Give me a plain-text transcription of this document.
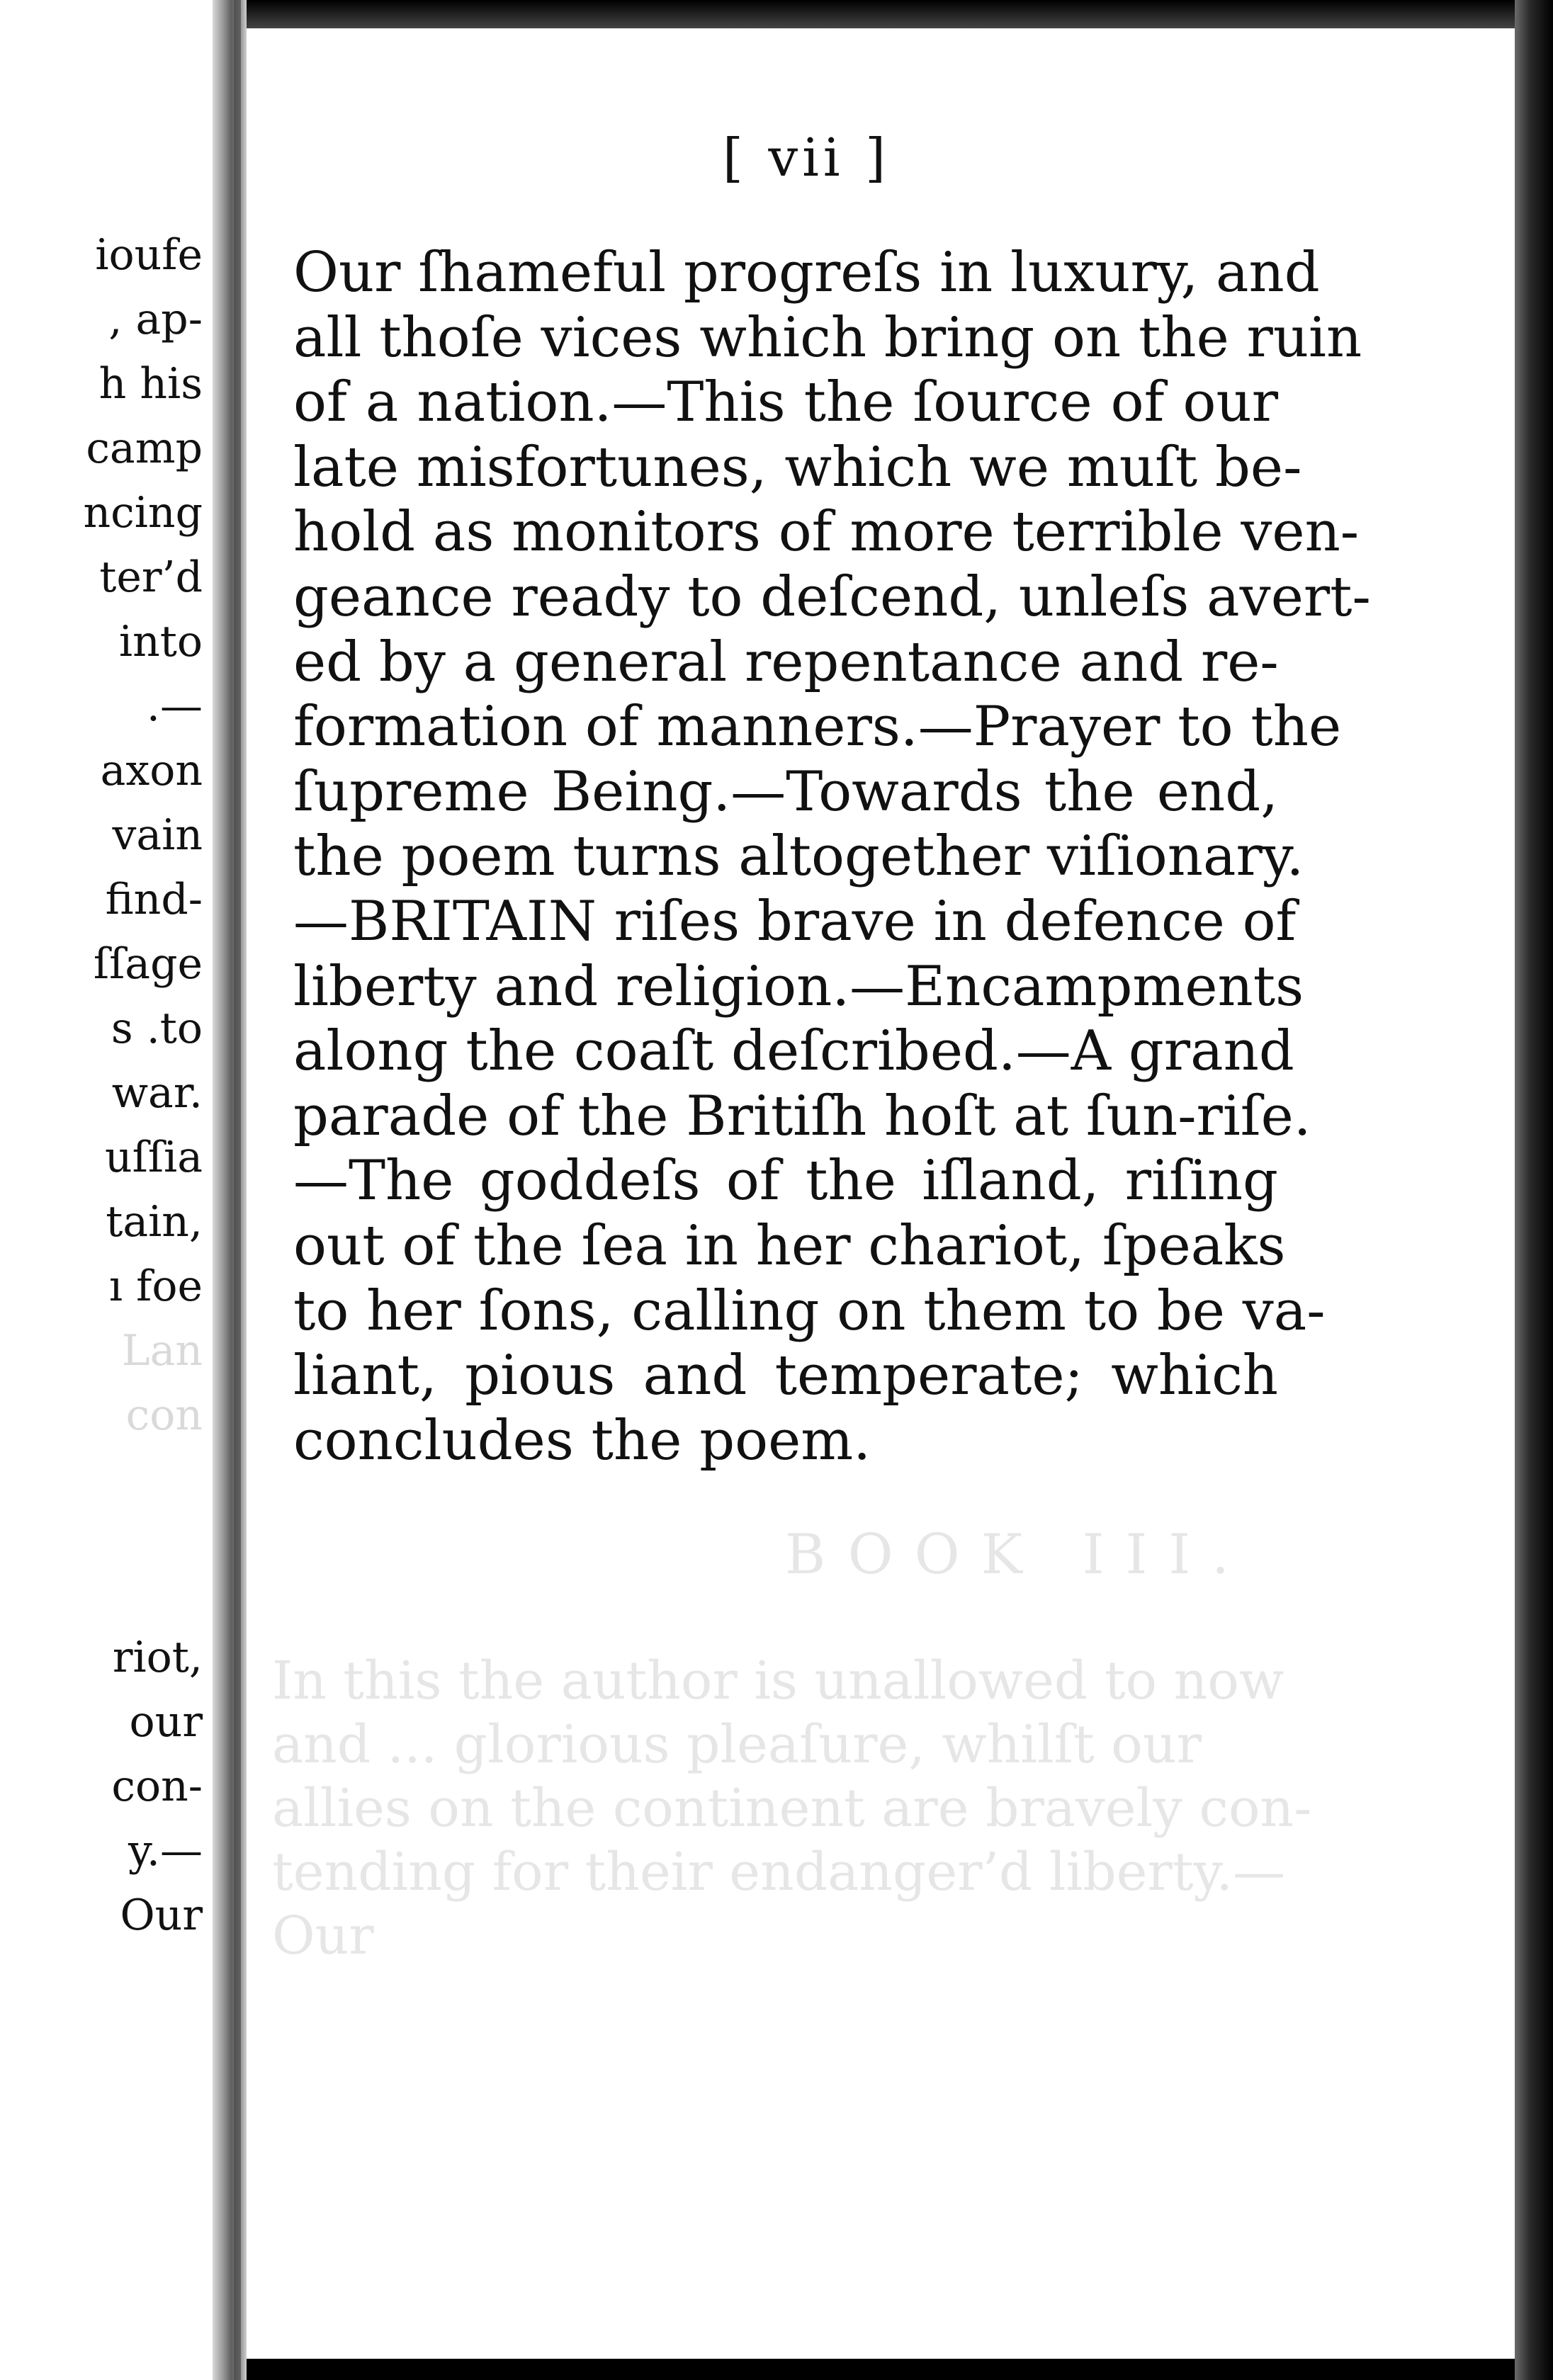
ioufe
, ap-
h his
camp
ncing
ter’d
into
.—
axon
vain
find-
ſſage
s .to
war.
uſſia
tain,
ı foe
Lan
con
riot,
our
con-
y.—
Our
[ vii ]
Our ſhameful progreſs in luxury, and
all thoſe vices which bring on the ruin
of a nation.—This the ſource of our
late misfortunes, which we muſt be-
hold as monitors of more terrible ven-
geance ready to deſcend, unleſs avert-
ed by a general repentance and re-
formation of manners.—Prayer to the
ſupreme Being.—Towards the end,
the poem turns altogether viſionary.
—BRITAIN riſes brave in defence of
liberty and religion.—Encampments
along the coaſt deſcribed.—A grand
parade of the Britiſh hoſt at ſun-riſe.
—The goddeſs of the iſland, riſing
out of the ſea in her chariot, ſpeaks
to her ſons, calling on them to be va-
liant, pious and temperate; which
concludes the poem.
BOOK III.
In this the author is unallowed to now
and ... glorious pleaſure, whilſt our
allies on the continent are bravely con-
tending for their endanger’d liberty.—
Our
